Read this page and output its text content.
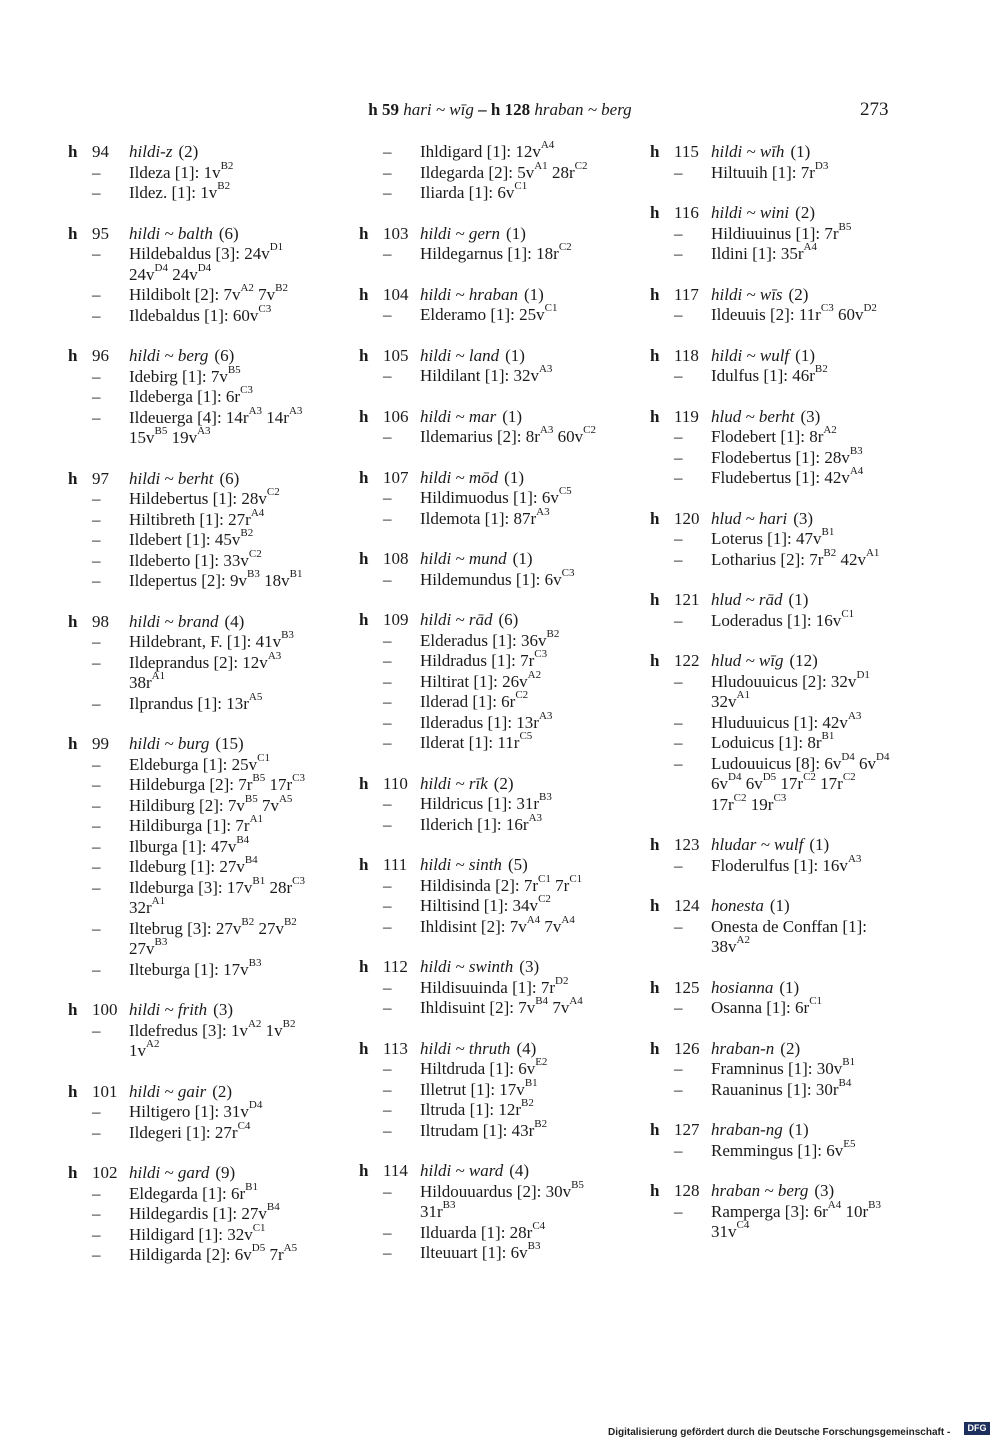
h 59 hari ~ wīg – h 128 hraban ~ berg	273
h 94	hildi-z (2)
–	Ildeza [1]: $1v^{B2}$
–	Ildez. [1]: $1v^{B2}$
h 95	hildi ~ balth (6)
–	Hildebaldus [3]: $24v^{D1}$ $24v^{D4}$ $24v^{D4}$
–	Hildibolt [2]: $7v^{A2}$ $7v^{B2}$
–	Ildebaldus [1]: $60v^{C3}$
h 96	hildi ~ berg (6)
–	Idebirg [1]: $7v^{B5}$
–	Ildeberga [1]: $6r^{C3}$
–	Ildeuerga [4]: $14r^{A3}$ $14r^{A3}$ $15v^{B5}$ $19v^{A3}$
h 97	hildi ~ berht (6)
–	Hildebertus [1]: $28v^{C2}$
–	Hiltibreth [1]: $27r^{A4}$
–	Ildebert [1]: $45v^{B2}$
–	Ildeberto [1]: $33v^{C2}$
–	Ildepertus [2]: $9v^{B3}$ $18v^{B1}$
h 98	hildi ~ brand (4)
–	Hildebrant, F. [1]: $41v^{B3}$
–	Ildeprandus [2]: $12v^{A3}$ $38r^{A1}$
–	Ilprandus [1]: $13r^{A5}$
h 99	hildi ~ burg (15)
–	Eldeburga [1]: $25v^{C1}$
–	Hildeburga [2]: $7r^{B5}$ $17r^{C3}$
–	Hildiburg [2]: $7v^{B5}$ $7v^{A5}$
–	Hildiburga [1]: $7r^{A1}$
–	Ilburga [1]: $47v^{B4}$
–	Ildeburg [1]: $27v^{B4}$
–	Ildeburga [3]: $17v^{B1}$ $28r^{C3}$ $32r^{A1}$
–	Iltebrug [3]: $27v^{B2}$ $27v^{B2}$ $27v^{B3}$
–	Ilteburga [1]: $17v^{B3}$
h 100 hildi ~ frith (3)
–	Ildefredus [3]: $1v^{A2}$ $1v^{B2}$ $1v^{A2}$
h 101 hildi ~ gair (2)
–	Hiltigero [1]: $31v^{D4}$
–	Ildegeri [1]: $27r^{C4}$
h 102 hildi ~ gard (9)
–	Eldegarda [1]: $6r^{B1}$
–	Hildegardis [1]: $27v^{B4}$
–	Hildigard [1]: $32v^{C1}$
–	Hildigarda [2]: $6v^{D5}$ $7r^{A5}$
–	Ihldigard [1]: $12v^{A4}$
–	Ildegarda [2]: $5v^{A1}$ $28r^{C2}$
–	Iliarda [1]: $6v^{C1}$
h 103 hildi ~ gern (1)
–	Hildegarnus [1]: $18r^{C2}$
h 104 hildi ~ hraban (1)
–	Elderamo [1]: $25v^{C1}$
h 105 hildi ~ land (1)
–	Hildilant [1]: $32v^{A3}$
h 106 hildi ~ mar (1)
–	Ildemarius [2]: $8r^{A3}$ $60v^{C2}$
h 107 hildi ~ mōd (1)
–	Hildimuodus [1]: $6v^{C5}$
–	Ildemota [1]: $87r^{A3}$
h 108 hildi ~ mund (1)
–	Hildemundus [1]: $6v^{C3}$
h 109 hildi ~ rād (6)
–	Elderadus [1]: $36v^{B2}$
–	Hildradus [1]: $7r^{C3}$
–	Hiltirat [1]: $26v^{A2}$
–	Ilderad [1]: $6r^{C2}$
–	Ilderadus [1]: $13r^{A3}$
–	Ilderat [1]: $11r^{C5}$
h 110 hildi ~ rīk (2)
–	Hildricus [1]: $31r^{B3}$
–	Ilderich [1]: $16r^{A3}$
h 111 hildi ~ sinth (5)
–	Hildisinda [2]: $7r^{C1}$ $7r^{C1}$
–	Hiltisind [1]: $34v^{C2}$
–	Ihldisint [2]: $7v^{A4}$ $7v^{A4}$
h 112 hildi ~ swinth (3)
–	Hildisuuinda [1]: $7r^{D2}$
–	Ihldisuint [2]: $7v^{B4}$ $7v^{A4}$
h 113 hildi ~ thruth (4)
–	Hiltdruda [1]: $6v^{E2}$
–	Illetrut [1]: $17v^{B1}$
–	Iltruda [1]: $12r^{B2}$
–	Iltrudam [1]: $43r^{B2}$
h 114 hildi ~ ward (4)
–	Hildouuardus [2]: $30v^{B5}$ $31r^{B3}$
–	Ilduarda [1]: $28r^{C4}$
–	Ilteuuart [1]: $6v^{B3}$
h 115 hildi ~ wīh (1)
–	Hiltuuih [1]: $7r^{D3}$
h 116 hildi ~ wini (2)
–	Hildiuuinus [1]: $7r^{B5}$
–	Ildini [1]: $35r^{A4}$
h 117 hildi ~ wīs (2)
–	Ildeuuis [2]: $11r^{C3}$ $60v^{D2}$
h 118 hildi ~ wulf (1)
–	Idulfus [1]: $46r^{B2}$
h 119 hlud ~ berht (3)
–	Flodebert [1]: $8r^{A2}$
–	Flodebertus [1]: $28v^{B3}$
–	Fludebertus [1]: $42v^{A4}$
h 120 hlud ~ hari (3)
–	Loterus [1]: $47v^{B1}$
–	Lotharius [2]: $7r^{B2}$ $42v^{A1}$
h 121 hlud ~ rād (1)
–	Loderadus [1]: $16v^{C1}$
h 122 hlud ~ wīg (12)
–	Hludouuicus [2]: $32v^{D1}$ $32v^{A1}$
–	Hluduuicus [1]: $42v^{A3}$
–	Loduicus [1]: $8r^{B1}$
–	Ludouuicus [8]: $6v^{D4}$ $6v^{D4}$ $6v^{D4}$ $6v^{D5}$ $17r^{C2}$ $17r^{C2}$ $17r^{C2}$ $19r^{C3}$
h 123 hludar ~ wulf (1)
–	Floderulfus [1]: $16v^{A3}$
h 124 honesta (1)
–	Onesta de Conffan [1]: $38v^{A2}$
h 125 hosianna (1)
–	Osanna [1]: $6r^{C1}$
h 126 hraban-n (2)
–	Framninus [1]: $30v^{B1}$
–	Rauaninus [1]: $30r^{B4}$
h 127 hraban-ng (1)
–	Remmingus [1]: $6v^{E5}$
h 128 hraban ~ berg (3)
–	Ramperga [3]: $6r^{A4}$ $10r^{B3}$ $31v^{C4}$
Digitalisierung gefördert durch die Deutsche Forschungsgemeinschaft -	DFG
